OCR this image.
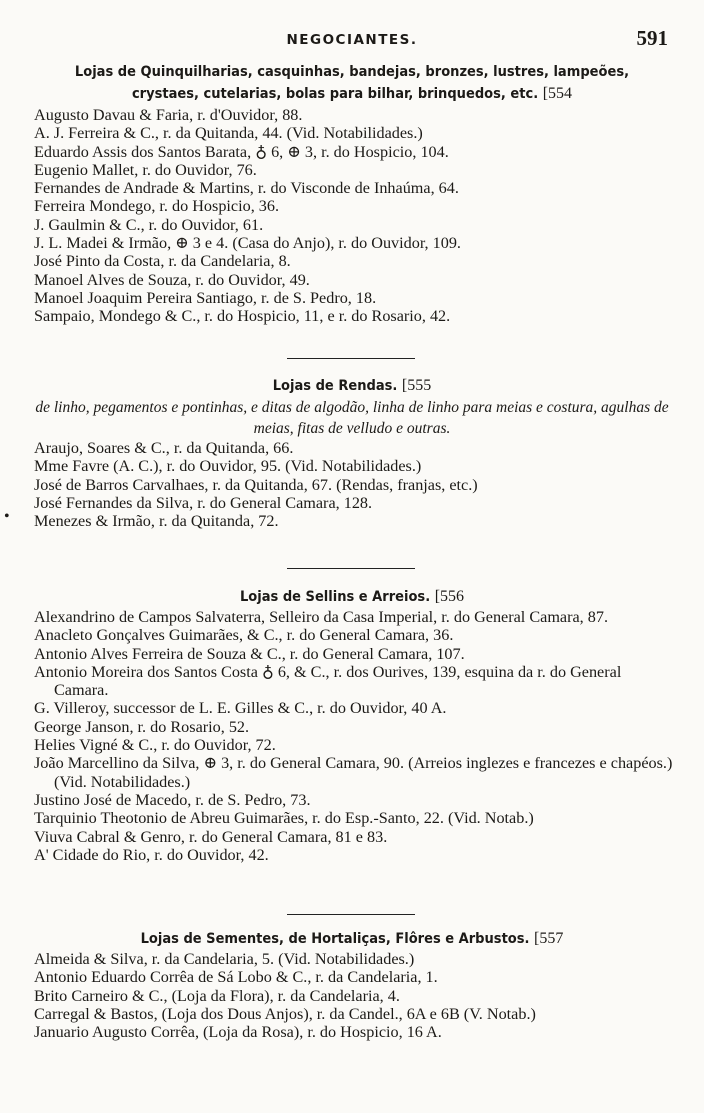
NEGOCIANTES.	591
Lojas de Quinquilharias, casquinhas, bandejas, bronzes, lustres, lampeões,
crystaes, cutelarias, bolas para bilhar, brinquedos, etc. [554
Augusto Davau & Faria, r. d'Ouvidor, 88.
A. J. Ferreira & C., r. da Quitanda, 44. (Vid. Notabilidades.)
Eduardo Assis dos Santos Barata, ♁ 6, ⊕ 3, r. do Hospicio, 104.
Eugenio Mallet, r. do Ouvidor, 76.
Fernandes de Andrade & Martins, r. do Visconde de Inhaúma, 64.
Ferreira Mondego, r. do Hospicio, 36.
J. Gaulmin & C., r. do Ouvidor, 61.
J. L. Madei & Irmão, ⊕ 3 e 4. (Casa do Anjo), r. do Ouvidor, 109.
José Pinto da Costa, r. da Candelaria, 8.
Manoel Alves de Souza, r. do Ouvidor, 49.
Manoel Joaquim Pereira Santiago, r. de S. Pedro, 18.
Sampaio, Mondego & C., r. do Hospicio, 11, e r. do Rosario, 42.
Lojas de Rendas. [555
de linho, pegamentos e pontinhas, e ditas de algodão, linha de linho para meias e costura, agulhas de meias, fitas de velludo e outras.
Araujo, Soares & C., r. da Quitanda, 66.
Mme Favre (A. C.), r. do Ouvidor, 95. (Vid. Notabilidades.)
José de Barros Carvalhaes, r. da Quitanda, 67. (Rendas, franjas, etc.)
José Fernandes da Silva, r. do General Camara, 128.
Menezes & Irmão, r. da Quitanda, 72.
•
Lojas de Sellins e Arreios. [556
Alexandrino de Campos Salvaterra, Selleiro da Casa Imperial, r. do General Camara, 87.
Anacleto Gonçalves Guimarães, & C., r. do General Camara, 36.
Antonio Alves Ferreira de Souza & C., r. do General Camara, 107.
Antonio Moreira dos Santos Costa ♁ 6, & C., r. dos Ourives, 139, esquina da r. do General Camara.
G. Villeroy, successor de L. E. Gilles & C., r. do Ouvidor, 40 A.
George Janson, r. do Rosario, 52.
Helies Vigné & C., r. do Ouvidor, 72.
João Marcellino da Silva, ⊕ 3, r. do General Camara, 90. (Arreios inglezes e francezes e chapéos.) (Vid. Notabilidades.)
Justino José de Macedo, r. de S. Pedro, 73.
Tarquinio Theotonio de Abreu Guimarães, r. do Esp.-Santo, 22. (Vid. Notab.)
Viuva Cabral & Genro, r. do General Camara, 81 e 83.
A' Cidade do Rio, r. do Ouvidor, 42.
Lojas de Sementes, de Hortaliças, Flôres e Arbustos. [557
Almeida & Silva, r. da Candelaria, 5. (Vid. Notabilidades.)
Antonio Eduardo Corrêa de Sá Lobo & C., r. da Candelaria, 1.
Brito Carneiro & C., (Loja da Flora), r. da Candelaria, 4.
Carregal & Bastos, (Loja dos Dous Anjos), r. da Candel., 6A e 6B (V. Notab.)
Januario Augusto Corrêa, (Loja da Rosa), r. do Hospicio, 16 A.
